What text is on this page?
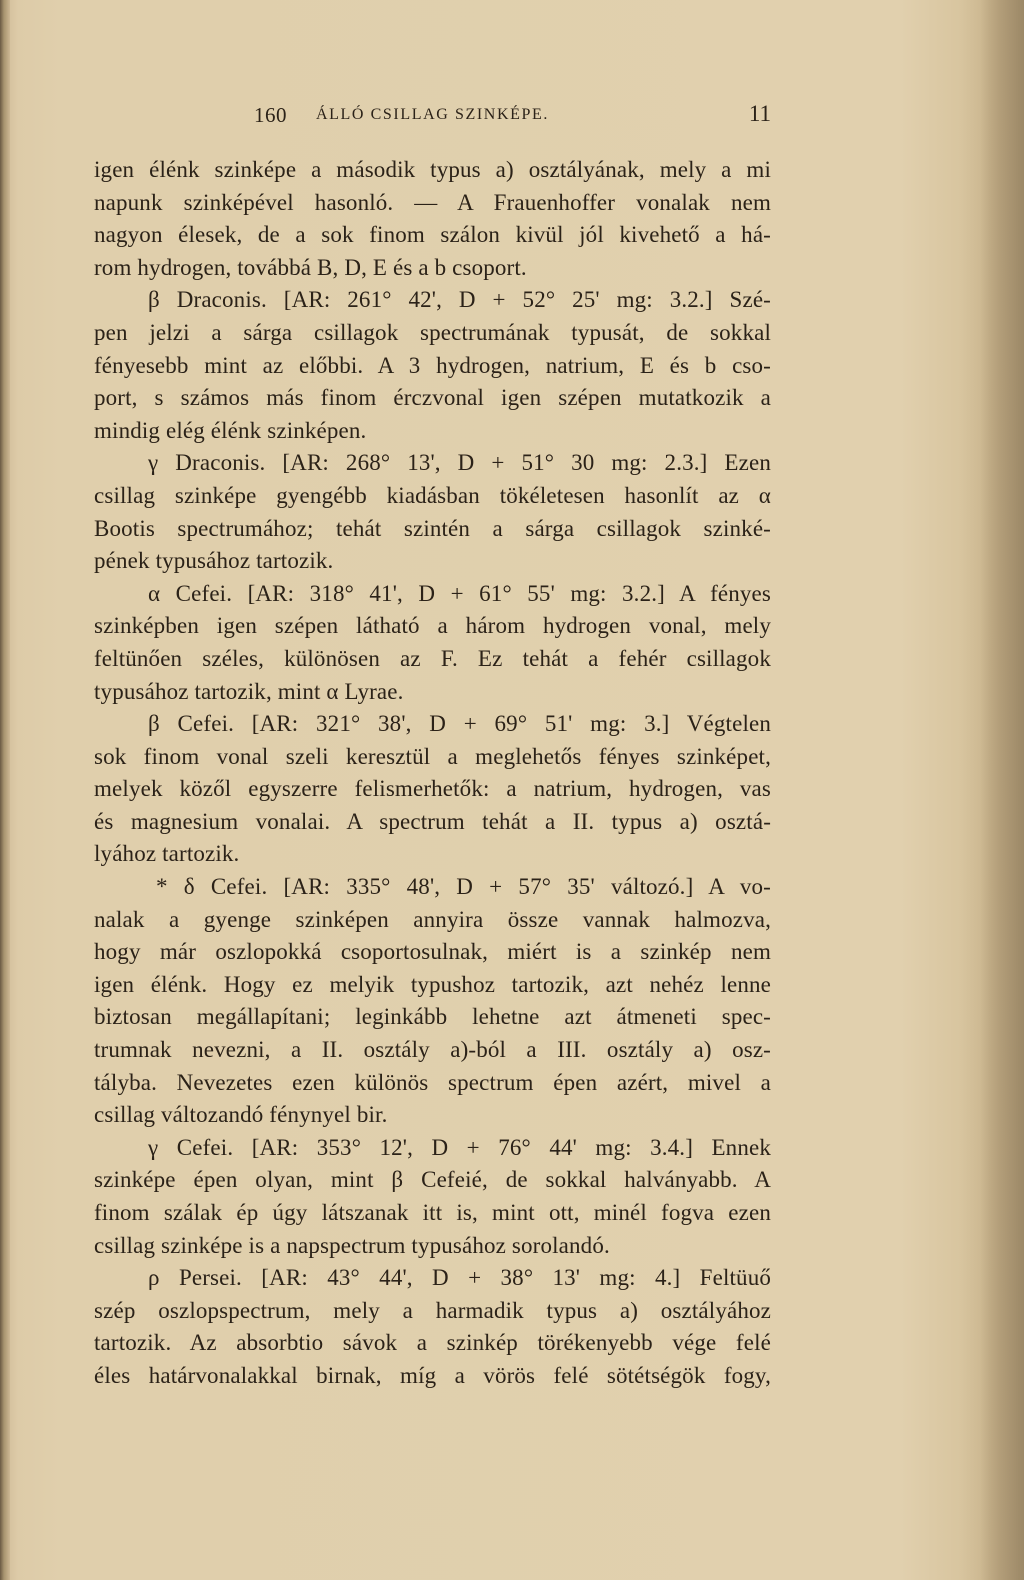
160 ÁLLÓ CSILLAG SZINKÉPE.	11
igen élénk szinképe a második typus a) osztályának, mely a mi
napunk szinképével hasonló. — A Frauenhoffer vonalak nem
nagyon élesek, de a sok finom szálon kivül jól kivehető a há-
rom hydrogen, továbbá B, D, E és a b csoport.
β Draconis. [AR: 261° 42', D + 52° 25' mg: 3.2.] Szé-
pen jelzi a sárga csillagok spectrumának typusát, de sokkal
fényesebb mint az előbbi. A 3 hydrogen, natrium, E és b cso-
port, s számos más finom érczvonal igen szépen mutatkozik a
mindig elég élénk szinképen.
γ Draconis. [AR: 268° 13', D + 51° 30 mg: 2.3.] Ezen
csillag szinképe gyengébb kiadásban tökéletesen hasonlít az α
Bootis spectrumához; tehát szintén a sárga csillagok szinké-
pének typusához tartozik.
α Cefei. [AR: 318° 41', D + 61° 55' mg: 3.2.] A fényes
szinképben igen szépen látható a három hydrogen vonal, mely
feltünően széles, különösen az F. Ez tehát a fehér csillagok
typusához tartozik, mint α Lyrae.
β Cefei. [AR: 321° 38', D + 69° 51' mg: 3.] Végtelen
sok finom vonal szeli keresztül a meglehetős fényes szinképet,
melyek közől egyszerre felismerhetők: a natrium, hydrogen, vas
és magnesium vonalai. A spectrum tehát a II. typus a) osztá-
lyához tartozik.
* δ Cefei. [AR: 335° 48', D + 57° 35' változó.] A vo-
nalak a gyenge szinképen annyira össze vannak halmozva,
hogy már oszlopokká csoportosulnak, miért is a szinkép nem
igen élénk. Hogy ez melyik typushoz tartozik, azt nehéz lenne
biztosan megállapítani; leginkább lehetne azt átmeneti spec-
trumnak nevezni, a II. osztály a)-ból a III. osztály a) osz-
tályba. Nevezetes ezen különös spectrum épen azért, mivel a
csillag változandó fénynyel bir.
γ Cefei. [AR: 353° 12', D + 76° 44' mg: 3.4.] Ennek
szinképe épen olyan, mint β Cefeié, de sokkal halványabb. A
finom szálak ép úgy látszanak itt is, mint ott, minél fogva ezen
csillag szinképe is a napspectrum typusához sorolandó.
ρ Persei. [AR: 43° 44', D + 38° 13' mg: 4.] Feltüuő
szép oszlopspectrum, mely a harmadik typus a) osztályához
tartozik. Az absorbtio sávok a szinkép törékenyebb vége felé
éles határvonalakkal birnak, míg a vörös felé sötétségök fogy,
